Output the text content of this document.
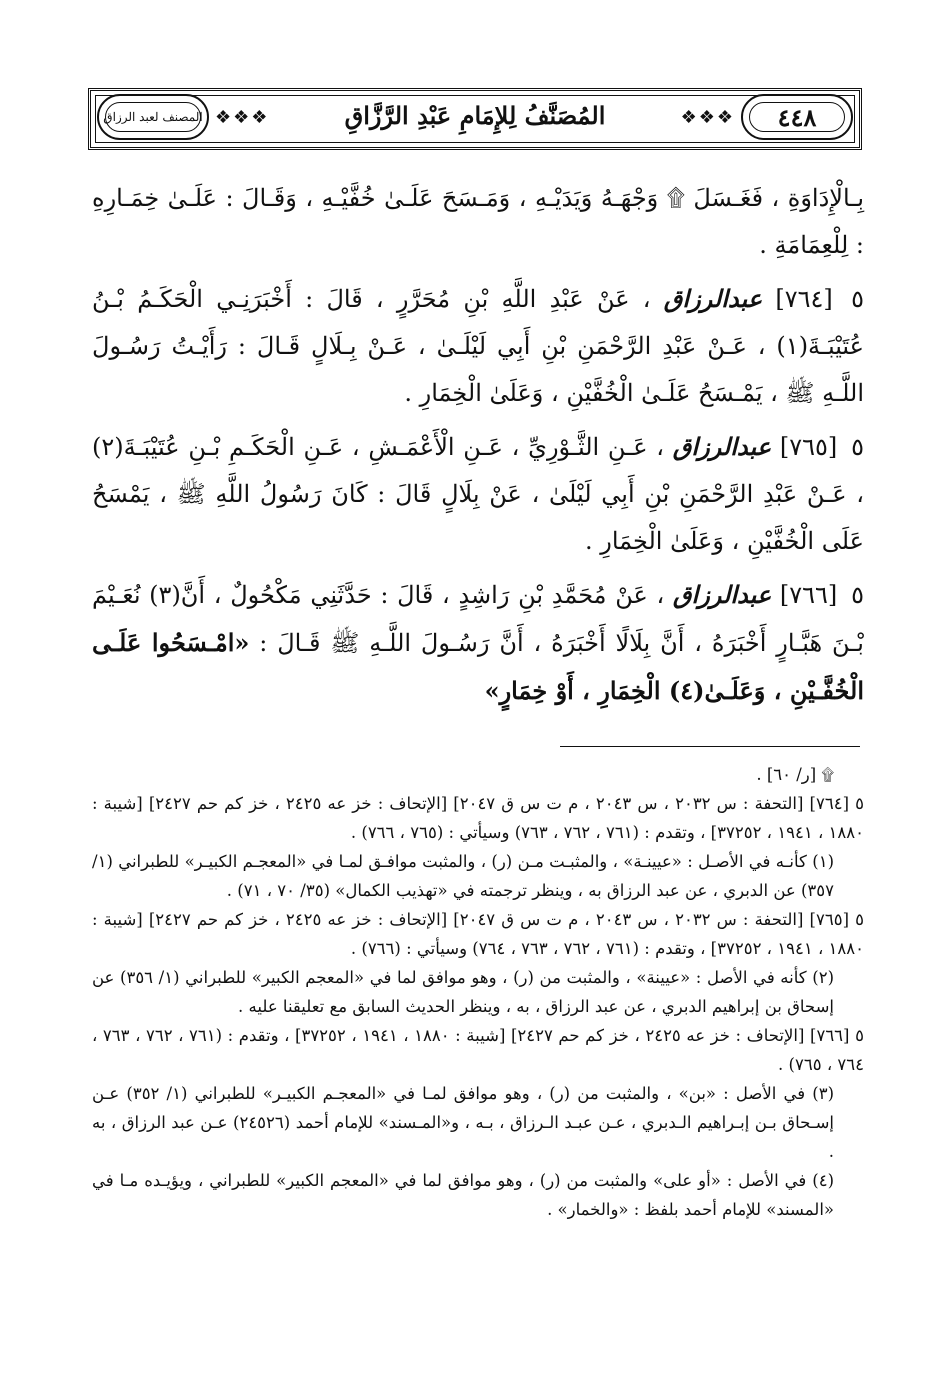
المصنف لعبد الرزاق ❖❖❖	المُصَنَّفُ لِلإِمَامِ عَبْدِ الرَّزَّاقِ	❖❖❖ ٤٤٨

بِـالْإِدَاوَةِ ، فَغَـسَلَ ۩ وَجْهَـهُ وَيَدَيْـهِ ، وَمَـسَحَ عَلَـىٰ خُفَّيْـهِ ، وَقَـالَ : عَلَـىٰ خِمَـارِهِ : لِلْعِمَامَةِ .

٥ [٧٦٤] عبدالرزاق ، عَنْ عَبْدِ اللَّهِ بْنِ مُحَرَّرٍ ، قَالَ : أَخْبَرَنِـي الْحَكَـمُ بْـنُ عُتَيْبَـةَ(١) ، عَـنْ عَبْدِ الرَّحْمَنِ بْنِ أَبِي لَيْلَـىٰ ، عَـنْ بِـلَالٍ قَـالَ : رَأَيْـتُ رَسُـولَ اللَّـهِ ﷺ ، يَمْـسَحُ عَلَـىٰ الْخُفَّيْنِ ، وَعَلَىٰ الْخِمَارِ .

٥ [٧٦٥] عبدالرزاق ، عَـنِ الثَّـوْرِيِّ ، عَـنِ الْأَعْمَـشِ ، عَـنِ الْحَكَـمِ بْـنِ عُتَيْبَـةَ(٢) ، عَـنْ عَبْدِ الرَّحْمَنِ بْنِ أَبِي لَيْلَىٰ ، عَنْ بِلَالٍ قَالَ : كَانَ رَسُولُ اللَّهِ ﷺ ، يَمْسَحُ عَلَى الْخُفَّيْنِ ، وَعَلَىٰ الْخِمَارِ .

٥ [٧٦٦] عبدالرزاق ، عَنْ مُحَمَّدِ بْنِ رَاشِدٍ ، قَالَ : حَدَّثَنِي مَكْحُولٌ ، أَنَّ(٣) نُعَـيْمَ بْـنَ هَبَّـارٍ أَخْبَرَهُ ، أَنَّ بِلَالًا أَخْبَرَهُ ، أَنَّ رَسُـولَ اللَّـهِ ﷺ قَـالَ : «امْـسَحُوا عَلَـى الْخُفَّـيْنِ ، وَعَلَـىٰ(٤) الْخِمَارِ ، أَوْ خِمَارٍ»

۩ [ر/ ٦٠] .

٥ [٧٦٤] [التحفة : س ٢٠٣٢ ، س ٢٠٤٣ ، م ت س ق ٢٠٤٧] [الإتحاف : خز عه ٢٤٢٥ ، خز كم حم ٢٤٢٧] [شيبة : ١٨٨٠ ، ١٩٤١ ، ٣٧٢٥٢] ، وتقدم : (٧٦١ ، ٧٦٢ ، ٧٦٣) وسيأتي : (٧٦٥ ، ٧٦٦) .

(١) كأنـه في الأصـل : «عيينـة» ، والمثبـت مـن (ر) ، والمثبت موافـق لمـا في «المعجـم الكبيـر» للطبراني (١/ ٣٥٧) عن الدبري ، عن عبد الرزاق به ، وينظر ترجمته في «تهذيب الكمال» (٣٥/ ٧٠ ، ٧١) .

٥ [٧٦٥] [التحفة : س ٢٠٣٢ ، س ٢٠٤٣ ، م ت س ق ٢٠٤٧] [الإتحاف : خز عه ٢٤٢٥ ، خز كم حم ٢٤٢٧] [شيبة : ١٨٨٠ ، ١٩٤١ ، ٣٧٢٥٢] ، وتقدم : (٧٦١ ، ٧٦٢ ، ٧٦٣ ، ٧٦٤) وسيأتي : (٧٦٦) .

(٢) كأنه في الأصل : «عيينة» ، والمثبت من (ر) ، وهو موافق لما في «المعجم الكبير» للطبراني (١/ ٣٥٦) عن إسحاق بن إبراهيم الدبري ، عن عبد الرزاق ، به ، وينظر الحديث السابق مع تعليقنا عليه .

٥ [٧٦٦] [الإتحاف : خز عه ٢٤٢٥ ، خز كم حم ٢٤٢٧] [شيبة : ١٨٨٠ ، ١٩٤١ ، ٣٧٢٥٢] ، وتقدم : (٧٦١ ، ٧٦٢ ، ٧٦٣ ، ٧٦٤ ، ٧٦٥) .

(٣) في الأصل : «بن» ، والمثبت من (ر) ، وهو موافق لمـا في «المعجـم الكبيـر» للطبراني (١/ ٣٥٢) عـن إسـحاق بـن إبـراهيم الـدبري ، عـن عبـد الـرزاق ، بـه ، و«المـسند» للإمام أحمد (٢٤٥٢٦) عـن عبد الرزاق ، به .

(٤) في الأصل : «أو على» والمثبت من (ر) ، وهو موافق لما في «المعجم الكبير» للطبراني ، ويؤيـده مـا في «المسند» للإمام أحمد بلفظ : «والخمار» .
